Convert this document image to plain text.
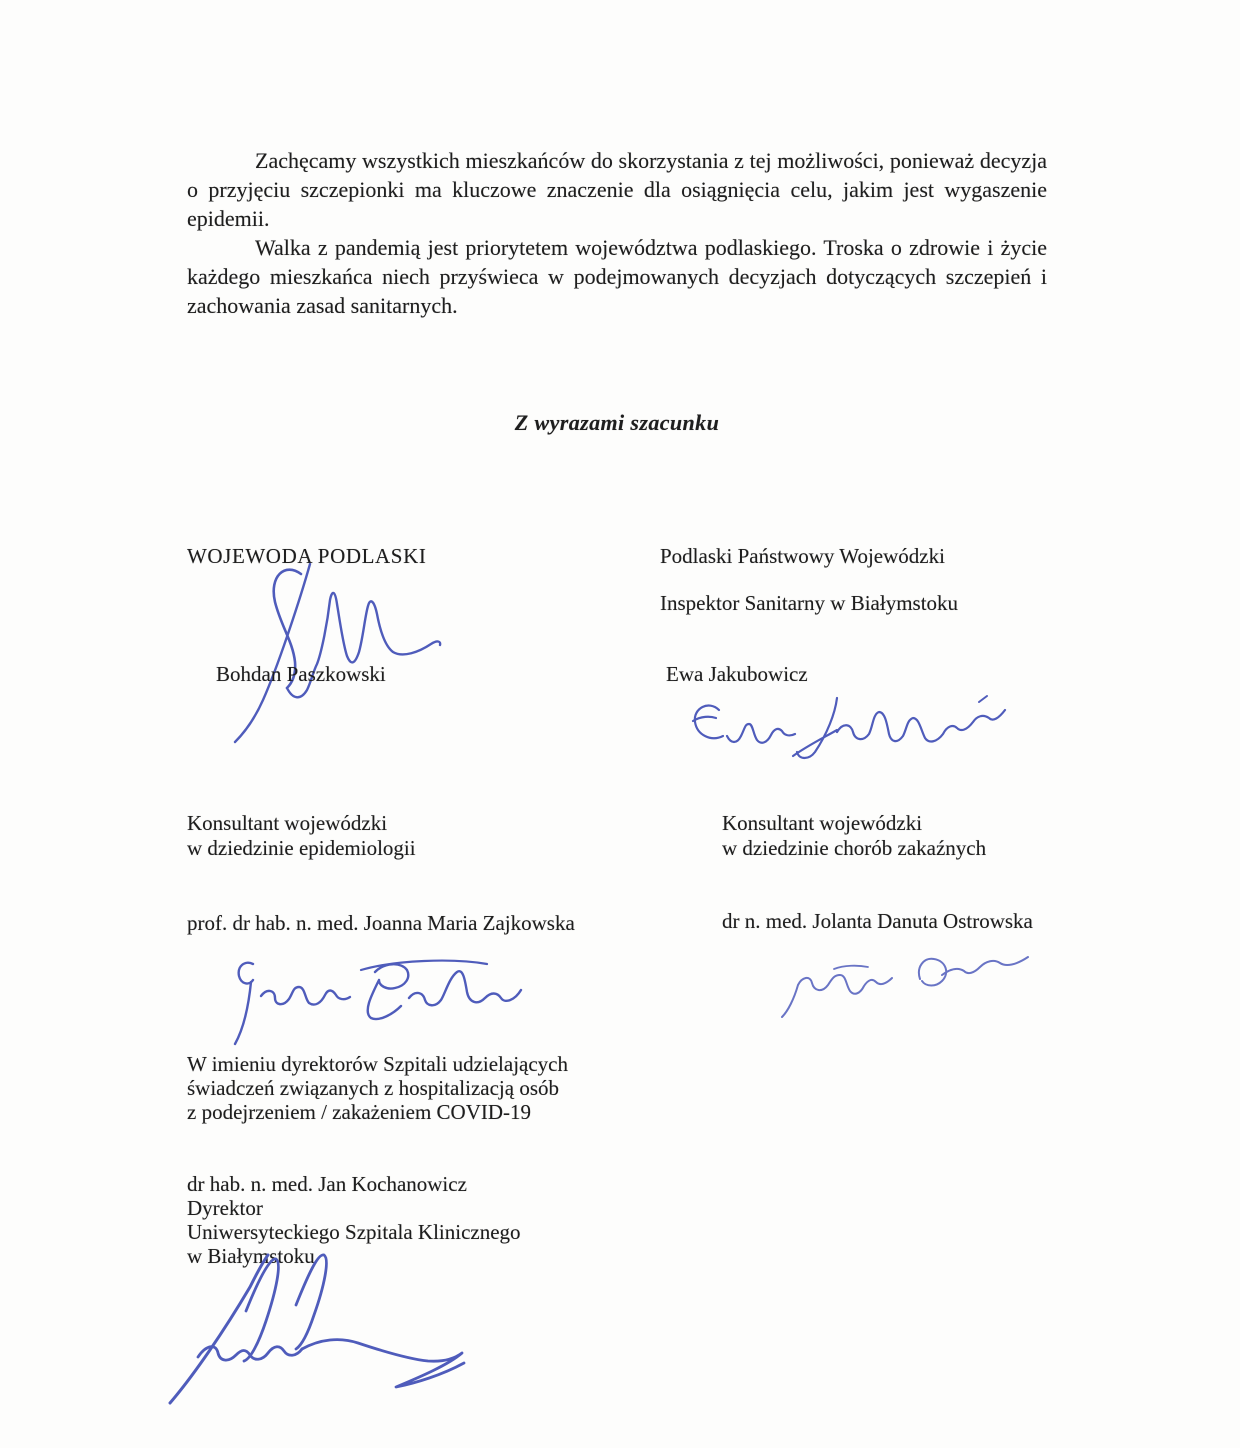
Zachęcamy wszystkich mieszkańców do skorzystania z tej możliwości, ponieważ decyzja o przyjęciu szczepionki ma kluczowe znaczenie dla osiągnięcia celu, jakim jest wygaszenie epidemii.

Walka z pandemią jest priorytetem województwa podlaskiego. Troska o zdrowie i życie każdego mieszkańca niech przyświeca w podejmowanych decyzjach dotyczących szczepień i zachowania zasad sanitarnych.

Z wyrazami szacunku
WOJEWODA PODLASKI
Bohdan Paszkowski
Podlaski Państwowy Wojewódzki
Inspektor Sanitarny w Białymstoku
Ewa Jakubowicz
Konsultant wojewódzki
w dziedzinie epidemiologii
Konsultant wojewódzki
w dziedzinie chorób zakaźnych
prof. dr hab. n. med. Joanna Maria Zajkowska	dr n. med. Jolanta Danuta Ostrowska
W imieniu dyrektorów Szpitali udzielających
świadczeń związanych z hospitalizacją osób
z podejrzeniem / zakażeniem COVID-19
dr hab. n. med. Jan Kochanowicz
Dyrektor
Uniwersyteckiego Szpitala Klinicznego
w Białymstoku
